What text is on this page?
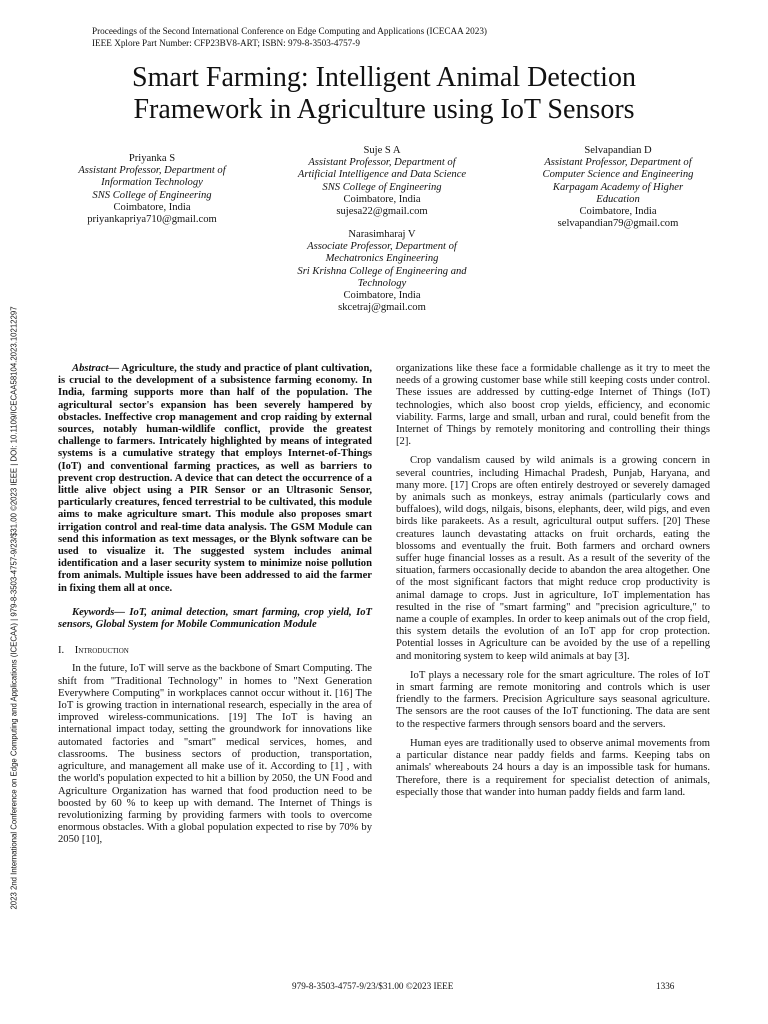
Proceedings of the Second International Conference on Edge Computing and Applications (ICECAA 2023)
IEEE Xplore Part Number: CFP23BV8-ART; ISBN: 979-8-3503-4757-9
Smart Farming: Intelligent Animal Detection
Framework in Agriculture using IoT Sensors
Priyanka S
Assistant Professor, Department of
Information Technology
SNS College of Engineering
Coimbatore, India
priyankapriya710@gmail.com
Suje S A
Assistant Professor, Department of
Artificial Intelligence and Data Science
SNS College of Engineering
Coimbatore, India
sujesa22@gmail.com
Selvapandian D
Assistant Professor, Department of
Computer Science and Engineering
Karpagam Academy of Higher
Education
Coimbatore, India
selvapandian79@gmail.com
Narasimharaj V
Associate Professor, Department of
Mechatronics Engineering
Sri Krishna College of Engineering and
Technology
Coimbatore, India
skcetraj@gmail.com
2023 2nd International Conference on Edge Computing and Applications (ICECAA) | 979-8-3503-4757-9/23/$31.00 ©2023 IEEE | DOI: 10.1109/ICECAA58104.2023.10212297	Abstract— Agriculture, the study and practice of plant cultivation, is crucial to the development of a subsistence farming economy. In India, farming supports more than half of the population. The agricultural sector's expansion has been severely hampered by obstacles. Ineffective crop management and crop raiding by external sources, notably human-wildlife conflict, provide the greatest challenge to farmers. Intricately highlighted by means of integrated systems is a cumulative strategy that employs Internet-of-Things (IoT) and conventional farming practices, as well as barriers to prevent crop destruction. A device that can detect the occurrence of a little alive object using a PIR Sensor or an Ultrasonic Sensor, particularly creatures, fenced terrestrial to be cultivated, this module aims to make agriculture smart. This module also proposes smart irrigation control and real-time data analysis. The GSM Module can send this information as text messages, or the Blynk software can be used to visualize it. The suggested system includes animal identification and a laser security system to minimize noise pollution from animals. Multiple issues have been addressed to aid the farmer in fixing them all at once.

Keywords— IoT, animal detection, smart farming, crop yield, IoT sensors, Global System for Mobile Communication Module

I. Introduction

In the future, IoT will serve as the backbone of Smart Computing. The shift from "Traditional Technology" in homes to "Next Generation Everywhere Computing" in workplaces cannot occur without it. [16] The IoT is growing traction in international research, especially in the area of improved wireless-communications. [19] The IoT is having an international impact today, setting the groundwork for innovations like automated factories and "smart" medical services, homes, and classrooms. The business sectors of production, transportation, agriculture, and management all make use of it. According to [1] , with the world's population expected to hit a billion by 2050, the UN Food and Agriculture Organization has warned that food production need to be boosted by 60 % to keep up with demand. The Internet of Things is revolutionizing farming by providing farmers with tools to overcome enormous obstacles. With a global population expected to rise by 70% by 2050 [10],

organizations like these face a formidable challenge as it try to meet the needs of a growing customer base while still keeping costs under control. These issues are addressed by cutting-edge Internet of Things (IoT) technologies, which also boost crop yields, efficiency, and economic viability. Farms, large and small, urban and rural, could benefit from the Internet of Things by remotely monitoring and controlling their things [2].

Crop vandalism caused by wild animals is a growing concern in several countries, including Himachal Pradesh, Punjab, Haryana, and many more. [17] Crops are often entirely destroyed or severely damaged by animals such as monkeys, estray animals (particularly cows and buffaloes), wild dogs, nilgais, bisons, elephants, deer, wild pigs, and even birds like parakeets. As a result, agricultural output suffers. [20] These creatures launch devastating attacks on fruit orchards, eating the blossoms and eventually the fruit. Both farmers and orchard owners suffer huge financial losses as a result. As a result of the severity of the situation, farmers occasionally decide to abandon the area altogether. One of the most significant factors that might reduce crop productivity is animal damage to crops. Just in agriculture, IoT implementation has resulted in the rise of "smart farming" and "precision agriculture," to name a couple of examples. In order to keep animals out of the crop field, this system details the evolution of an IoT app for crop protection. Potential losses in Agriculture can be avoided by the use of a repelling and monitoring system to keep wild animals at bay [3].

IoT plays a necessary role for the smart agriculture. The roles of IoT in smart farming are remote monitoring and controls which is user friendly to the farmers. Precision Agriculture says seasonal agriculture. The sensors are the root causes of the IoT functioning. The data are sent to the respective farmers through sensors board and the servers.

Human eyes are traditionally used to observe animal movements from a particular distance near paddy fields and farms. Keeping tabs on animals' whereabouts 24 hours a day is an impossible task for humans. Therefore, there is a requirement for specialist detection of animals, especially those that wander into human paddy fields and farm land.

979-8-3503-4757-9/23/$31.00 ©2023 IEEE	1336
